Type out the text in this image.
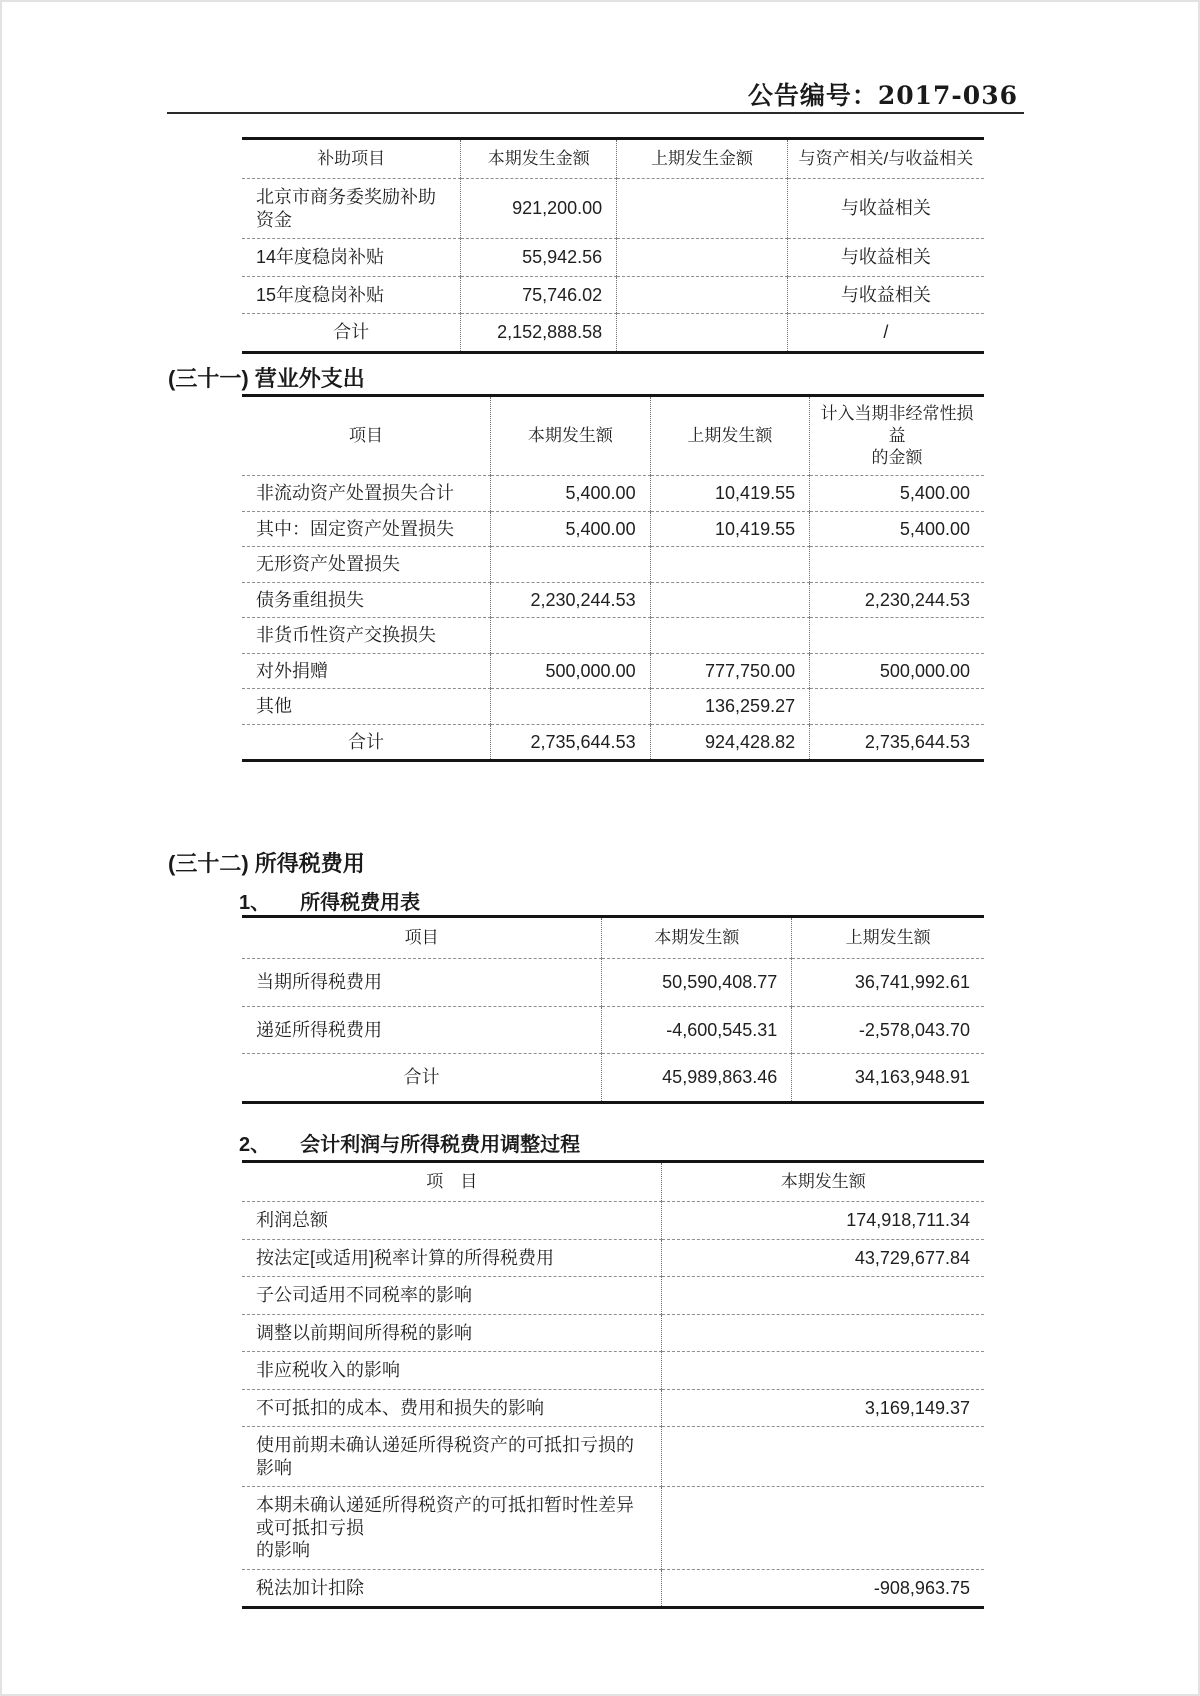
公告编号：2017-036
补助项目	本期发生金额	上期发生金额	与资产相关/与收益相关
北京市商务委奖励补助资金	921,200.00		与收益相关
14年度稳岗补贴	55,942.56		与收益相关
15年度稳岗补贴	75,746.02		与收益相关
合计	2,152,888.58		/
(三十一) 营业外支出
项目	本期发生额	上期发生额	计入当期非经常性损益
的金额
非流动资产处置损失合计	5,400.00	10,419.55	5,400.00
其中：固定资产处置损失	5,400.00	10,419.55	5,400.00
无形资产处置损失			
债务重组损失	2,230,244.53		2,230,244.53
非货币性资产交换损失			
对外捐赠	500,000.00	777,750.00	500,000.00
其他		136,259.27	
合计	2,735,644.53	924,428.82	2,735,644.53
(三十二) 所得税费用
1、 所得税费用表
项目	本期发生额	上期发生额
当期所得税费用	50,590,408.77	36,741,992.61
递延所得税费用	-4,600,545.31	-2,578,043.70
合计	45,989,863.46	34,163,948.91
2、 会计利润与所得税费用调整过程
项　目	本期发生额
利润总额	174,918,711.34
按法定[或适用]税率计算的所得税费用	43,729,677.84
子公司适用不同税率的影响	
调整以前期间所得税的影响	
非应税收入的影响	
不可抵扣的成本、费用和损失的影响	3,169,149.37
使用前期未确认递延所得税资产的可抵扣亏损的影响	
本期未确认递延所得税资产的可抵扣暂时性差异或可抵扣亏损
的影响	
税法加计扣除	-908,963.75
